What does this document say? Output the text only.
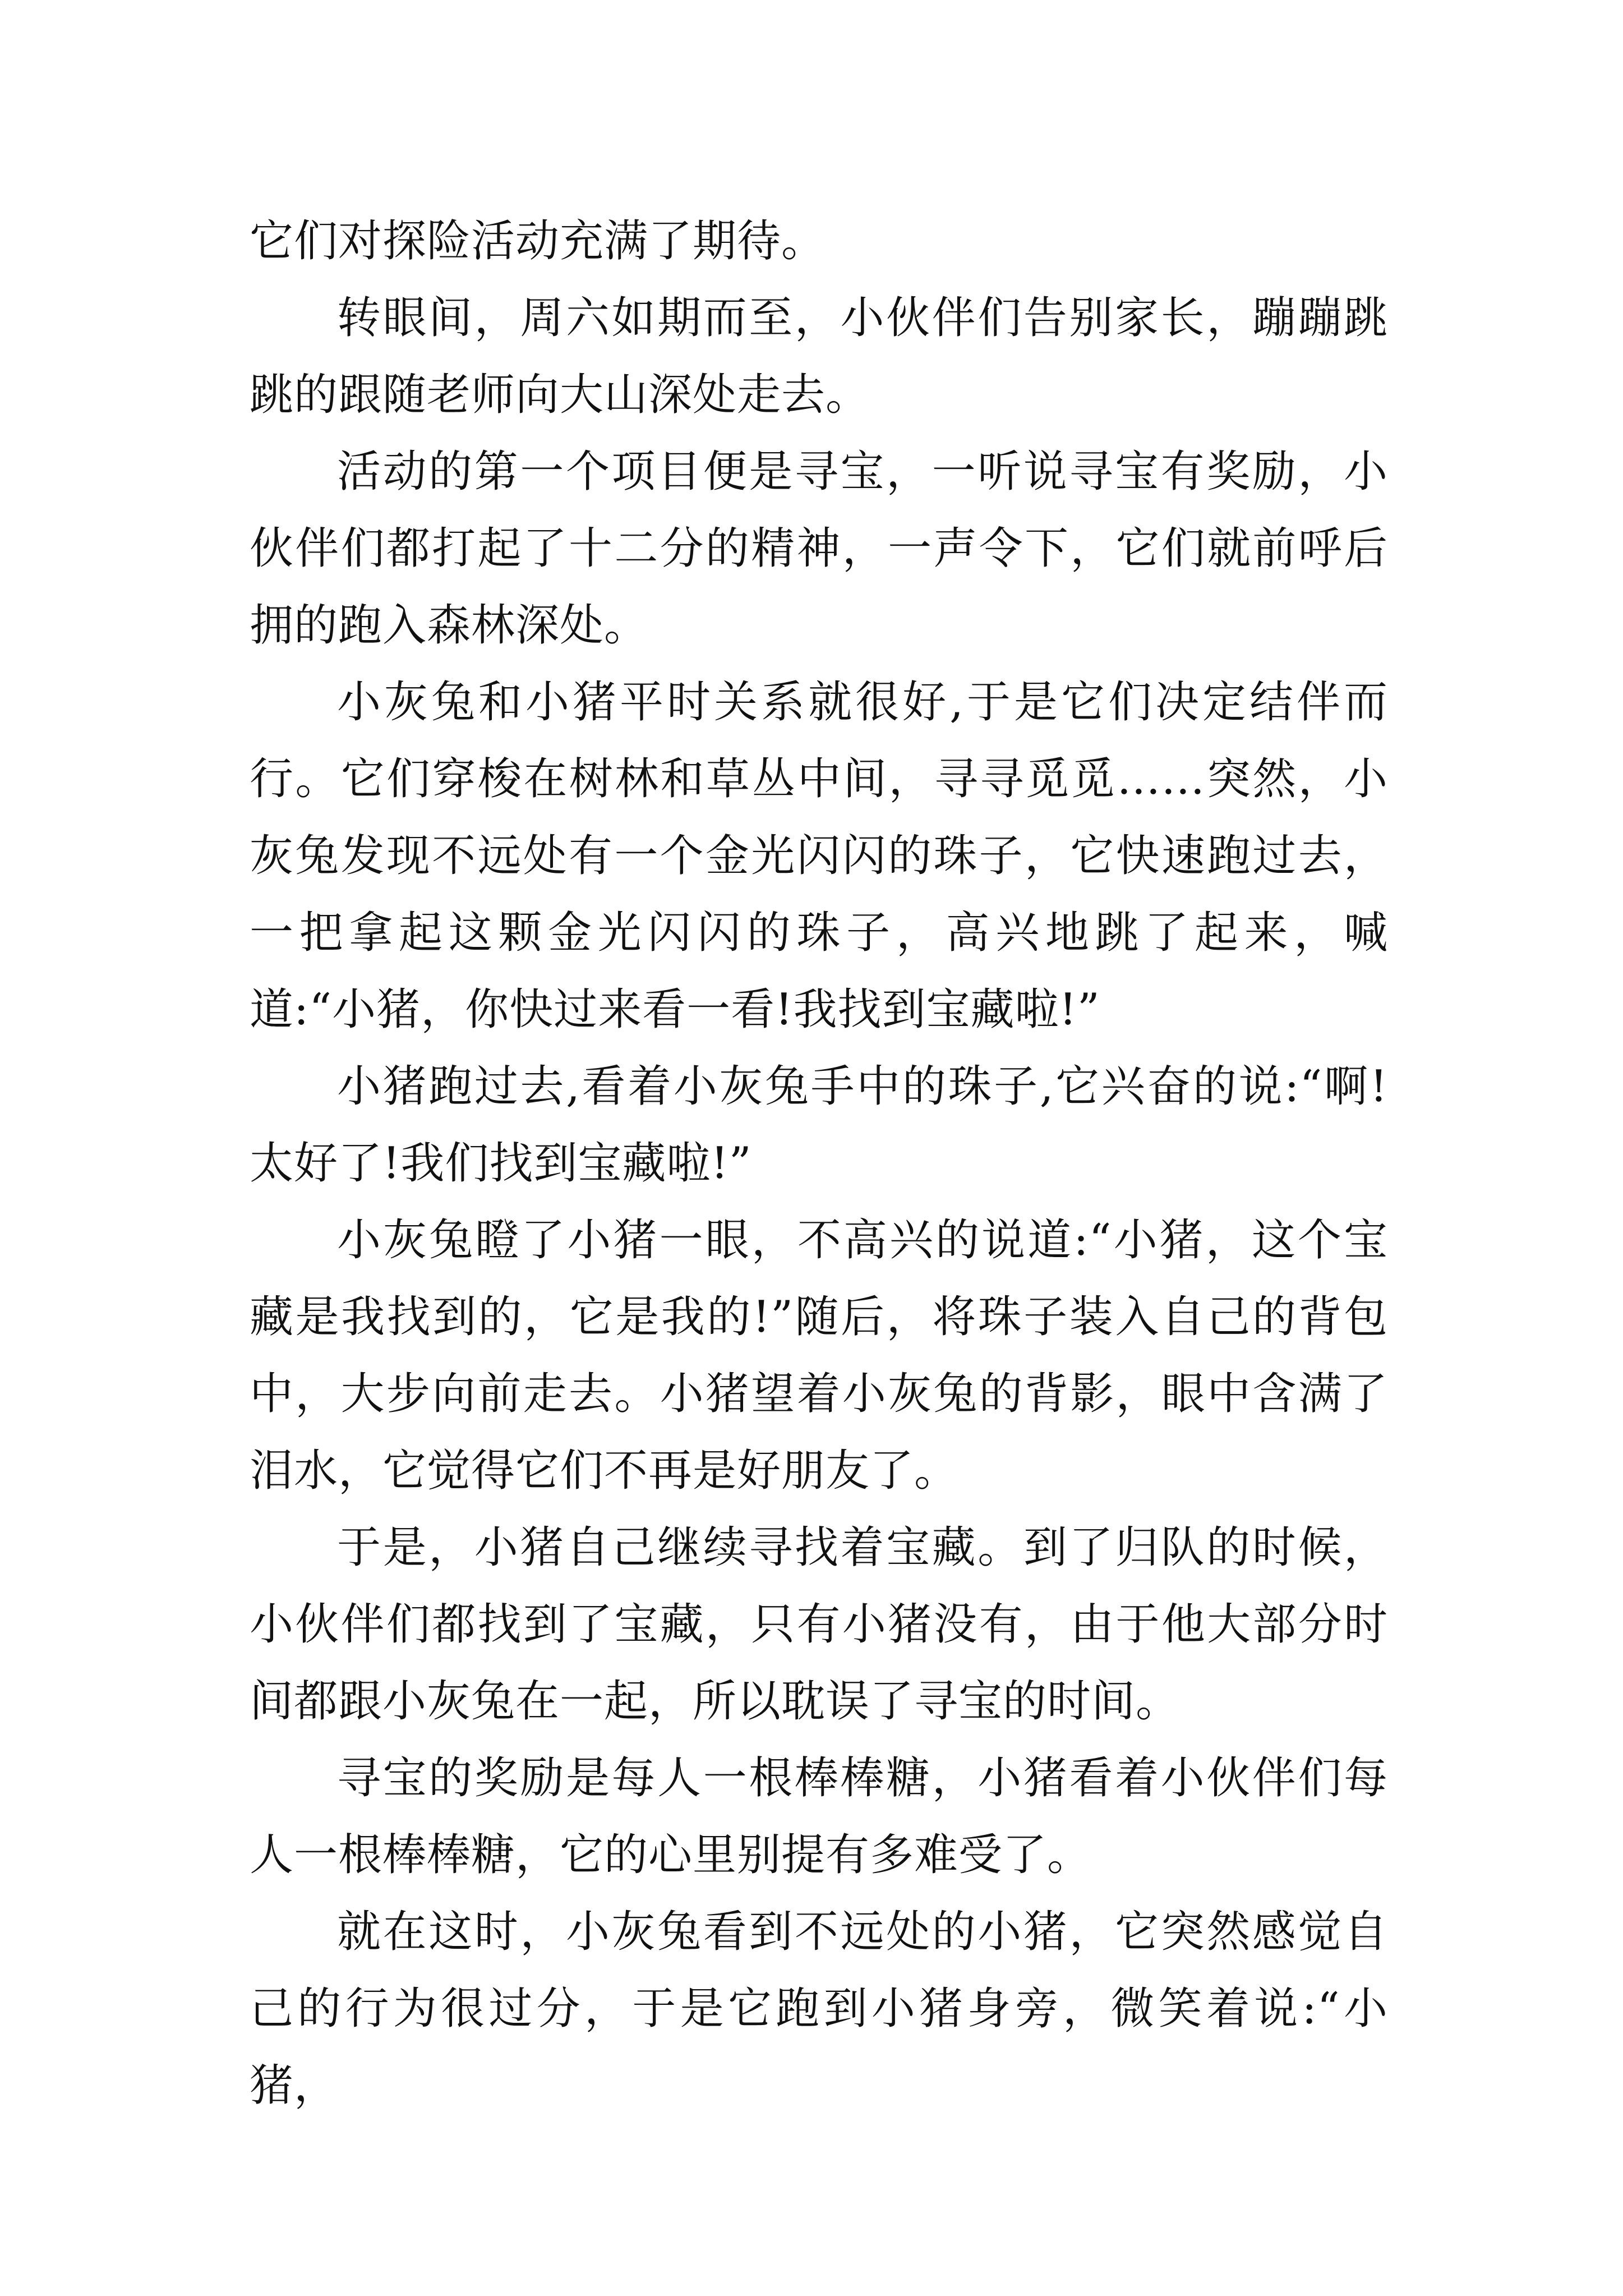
它们对探险活动充满了期待。

转眼间，周六如期而至，小伙伴们告别家长，蹦蹦跳跳的跟随老师向大山深处走去。

活动的第一个项目便是寻宝，一听说寻宝有奖励，小伙伴们都打起了十二分的精神，一声令下，它们就前呼后拥的跑入森林深处。

小灰兔和小猪平时关系就很好,于是它们决定结伴而行。它们穿梭在树林和草丛中间，寻寻觅觅……突然，小灰兔发现不远处有一个金光闪闪的珠子，它快速跑过去，一把拿起这颗金光闪闪的珠子，高兴地跳了起来，喊道:“小猪，你快过来看一看!我找到宝藏啦!”

小猪跑过去,看着小灰兔手中的珠子,它兴奋的说:“啊!太好了!我们找到宝藏啦!”

小灰兔瞪了小猪一眼，不高兴的说道:“小猪，这个宝藏是我找到的，它是我的!”随后，将珠子装入自己的背包中，大步向前走去。小猪望着小灰兔的背影，眼中含满了泪水，它觉得它们不再是好朋友了。

于是，小猪自己继续寻找着宝藏。到了归队的时候，小伙伴们都找到了宝藏，只有小猪没有，由于他大部分时间都跟小灰兔在一起，所以耽误了寻宝的时间。

寻宝的奖励是每人一根棒棒糖，小猪看着小伙伴们每人一根棒棒糖，它的心里别提有多难受了。

就在这时，小灰兔看到不远处的小猪，它突然感觉自己的行为很过分，于是它跑到小猪身旁，微笑着说:“小猪，
